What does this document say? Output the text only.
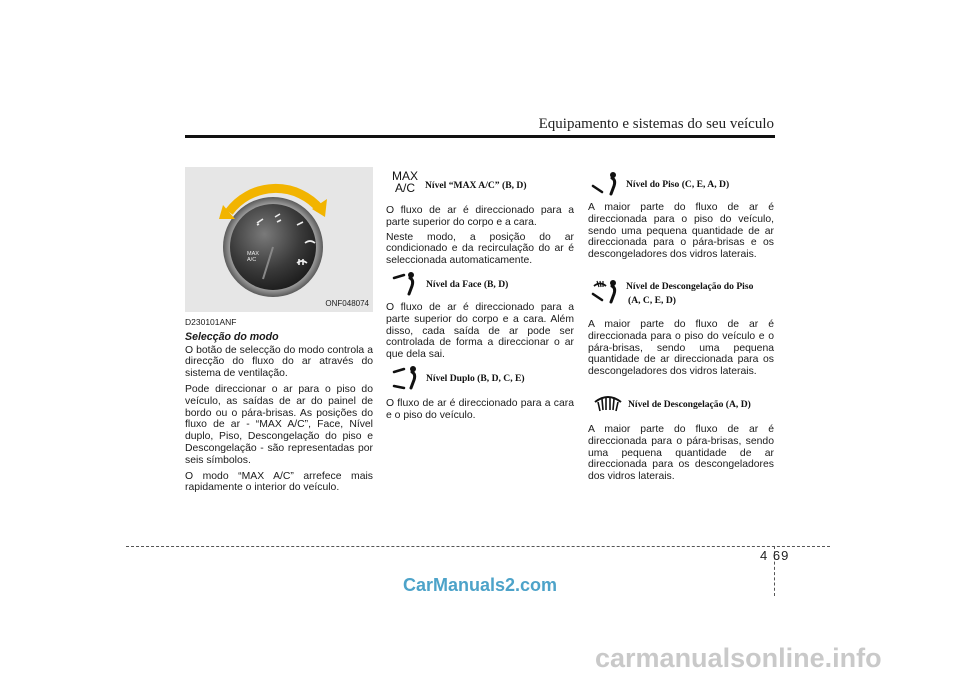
Equipamento e sistemas do seu veículo
MAX
A/C
ONF048074
D230101ANF
Selecção do modo

O botão de selecção do modo controla a direcção do fluxo do ar através do sistema de ventilação.

Pode direccionar o ar para o piso do veículo, as saídas de ar do painel de bordo ou o pára-brisas. As posições do fluxo de ar - “MAX A/C”, Face, Nível duplo, Piso, Descongelação do piso e Descongelação - são representadas por seis símbolos.

O modo “MAX A/C” arrefece mais rapidamente o interior do veículo.

MAX
A/C	Nível “MAX A/C” (B, D)

O fluxo de ar é direccionado para a parte superior do corpo e a cara.

Neste modo, a posição do ar condicionado e da recirculação do ar é seleccionada automaticamente.

Nível da Face (B, D)
O fluxo de ar é direccionado para a parte superior do corpo e a cara. Além disso, cada saída de ar pode ser controlada de forma a direccionar o ar que dela sai.
Nível Duplo (B, D, C, E)
O fluxo de ar é direccionado para a cara e o piso do veículo.
Nível do Piso (C, E, A, D)
A maior parte do fluxo de ar é direccionada para o piso do veículo, sendo uma pequena quantidade de ar direccionada para o pára-brisas e os descongeladores dos vidros laterais.
Nível de Descongelação do Piso
(A, C, E, D)
A maior parte do fluxo de ar é direccionada para o piso do veículo e o pára-brisas, sendo uma pequena quantidade de ar direccionada para os descongeladores dos vidros laterais.
Nível de Descongelação (A, D)
A maior parte do fluxo de ar é direccionada para o pára-brisas, sendo uma pequena quantidade de ar direccionada para os descongeladores dos vidros laterais.
4 69
CarManuals2.com
carmanualsonline.info
